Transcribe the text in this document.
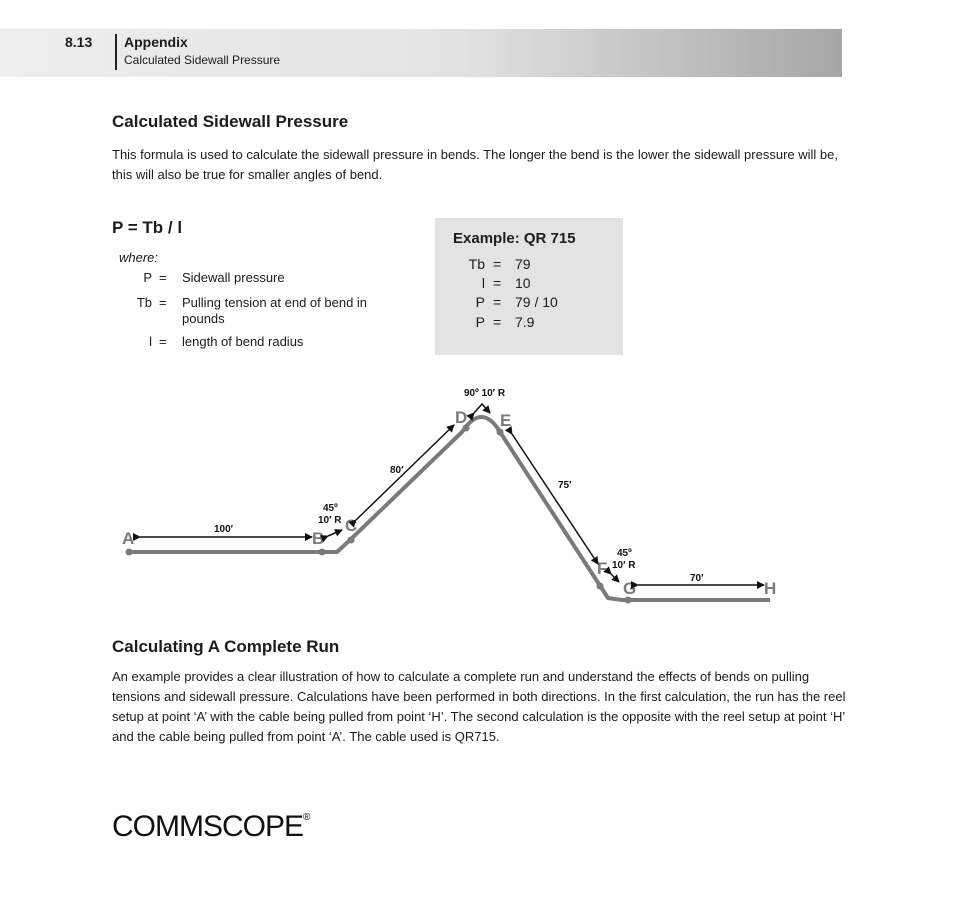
8.13 Appendix
Calculated Sidewall Pressure
Calculated Sidewall Pressure

This formula is used to calculate the sidewall pressure in bends. The longer the bend is the lower the sidewall pressure will be, this will also be true for smaller angles of bend.

P = Tb / l
where:
P = Sidewall pressure
Tb = Pulling tension at end of bend in pounds
l = length of bend radius
Example: QR 715
Tb = 79
l = 10
P = 79 / 10
P = 7.9
A	B
C
D E
F
G	H
100′
80′
75′
70′
45º
10′ R
90º 10′ R
45º
10′ R
Calculating A Complete Run

An example provides a clear illustration of how to calculate a complete run and understand the effects of bends on pulling tensions and sidewall pressure. Calculations have been performed in both directions. In the first calculation, the run has the reel setup at point ‘A’ with the cable being pulled from point ‘H’. The second calculation is the opposite with the reel setup at point ‘H’ and the cable being pulled from point ‘A’. The cable used is QR715.

COMMSCOPE®
